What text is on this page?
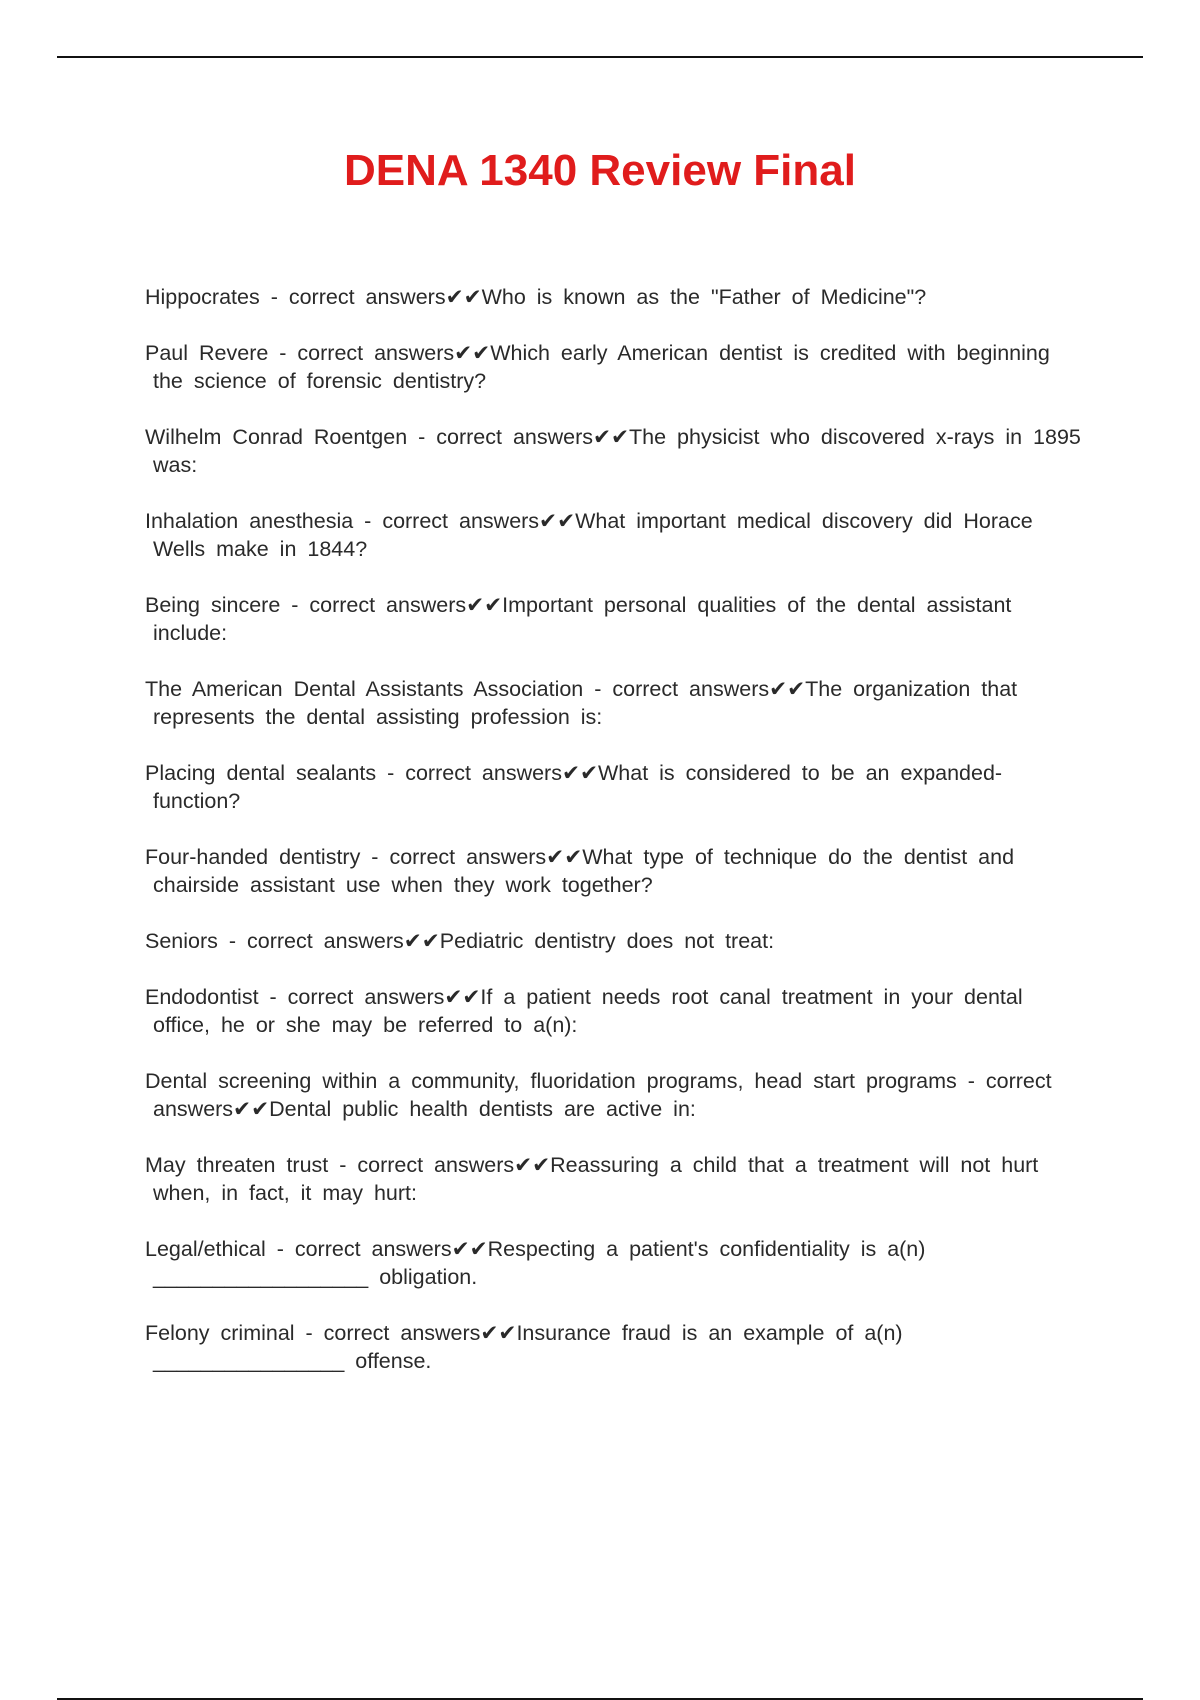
DENA 1340 Review Final
Hippocrates - correct answers✔✔Who is known as the "Father of Medicine"?
Paul Revere - correct answers✔✔Which early American dentist is credited with beginning the science of forensic dentistry?
Wilhelm Conrad Roentgen - correct answers✔✔The physicist who discovered x-rays in 1895 was:
Inhalation anesthesia - correct answers✔✔What important medical discovery did Horace Wells make in 1844?
Being sincere - correct answers✔✔Important personal qualities of the dental assistant include:
The American Dental Assistants Association - correct answers✔✔The organization that represents the dental assisting profession is:
Placing dental sealants - correct answers✔✔What is considered to be an expanded-function?
Four-handed dentistry - correct answers✔✔What type of technique do the dentist and chairside assistant use when they work together?
Seniors - correct answers✔✔Pediatric dentistry does not treat:
Endodontist - correct answers✔✔If a patient needs root canal treatment in your dental office, he or she may be referred to a(n):
Dental screening within a community, fluoridation programs, head start programs - correct answers✔✔Dental public health dentists are active in:
May threaten trust - correct answers✔✔Reassuring a child that a treatment will not hurt when, in fact, it may hurt:
Legal/ethical - correct answers✔✔Respecting a patient's confidentiality is a(n) __________________ obligation.
Felony criminal - correct answers✔✔Insurance fraud is an example of a(n) ________________ offense.
